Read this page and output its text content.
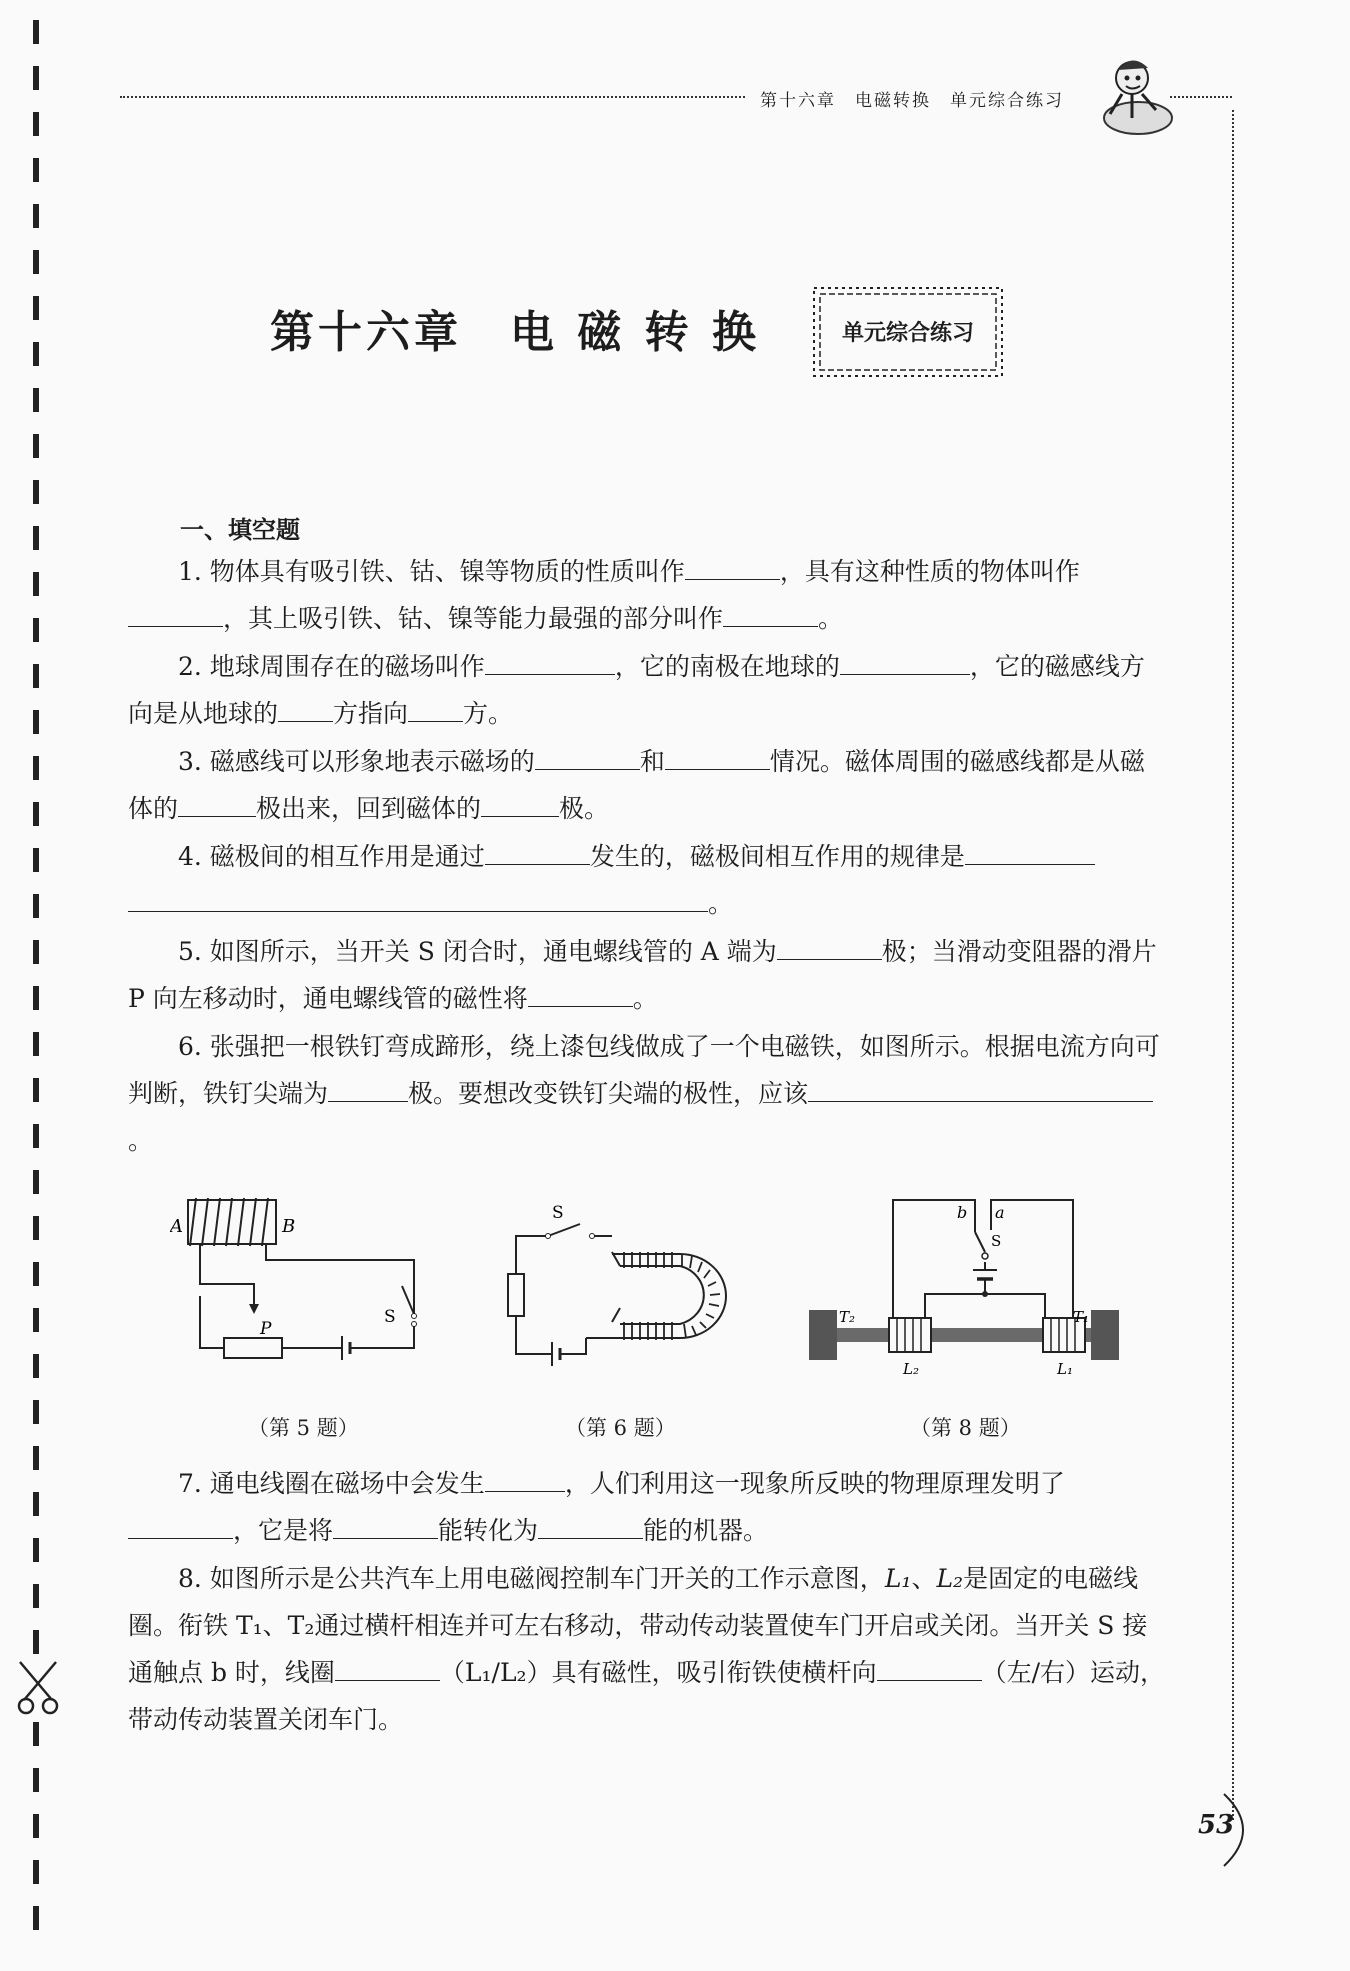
第十六章　电磁转换　单元综合练习
第十六章　电 磁 转 换	单元综合练习
一、填空题

1. 物体具有吸引铁、钴、镍等物质的性质叫作	，具有这种性质的物体叫作，其上吸引铁、钴、镍等能力最强的部分叫作	。

2. 地球周围存在的磁场叫作	，它的南极在地球的	，它的磁感线方向是从地球的 方指向 方。

3. 磁感线可以形象地表示磁场的	和	情况。磁体周围的磁感线都是从磁体的	极出来，回到磁体的	极。

4. 磁极间的相互作用是通过	发生的，磁极间相互作用的规律是。

5. 如图所示，当开关 S 闭合时，通电螺线管的 A 端为	极；当滑动变阻器的滑片 P 向左移动时，通电螺线管的磁性将	。

6. 张强把一根铁钉弯成蹄形，绕上漆包线做成了一个电磁铁，如图所示。根据电流方向可判断，铁钉尖端为	极。要想改变铁钉尖端的极性，应该。

A	B
P
S
（第 5 题）
S
（第 6 题）
b a
S
T₂	T₁
L₂	L₁
（第 8 题）

7. 通电线圈在磁场中会发生	，人们利用这一现象所反映的物理原理发明了，它是将	能转化为	能的机器。

8. 如图所示是公共汽车上用电磁阀控制车门开关的工作示意图，L₁、L₂是固定的电磁线圈。衔铁 T₁、T₂通过横杆相连并可左右移动，带动传动装置使车门开启或关闭。当开关 S 接通触点 b 时，线圈	（L₁/L₂）具有磁性，吸引衔铁使横杆向	（左/右）运动，带动传动装置关闭车门。

53
